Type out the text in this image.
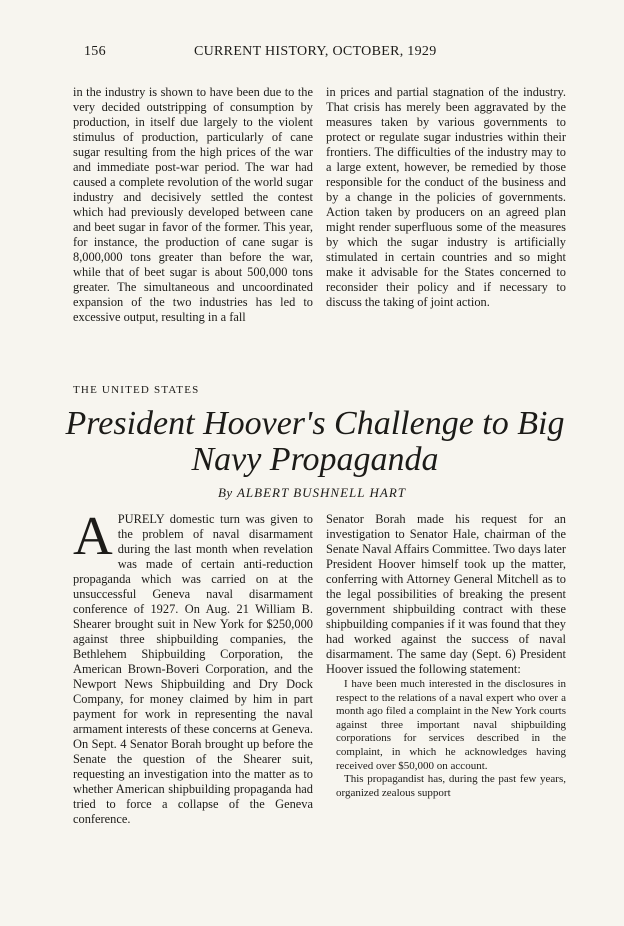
156	CURRENT HISTORY, OCTOBER, 1929

in the industry is shown to have been due to the very decided outstripping of consumption by production, in itself due largely to the violent stimulus of production, particularly of cane sugar resulting from the high prices of the war and immediate post-war period. The war had caused a complete revolution of the world sugar industry and decisively settled the contest which had previously developed between cane and beet sugar in favor of the former. This year, for instance, the production of cane sugar is 8,000,000 tons greater than before the war, while that of beet sugar is about 500,000 tons greater. The simultaneous and uncoordinated expansion of the two industries has led to excessive output, resulting in a fall

in prices and partial stagnation of the industry. That crisis has merely been aggravated by the measures taken by various governments to protect or regulate sugar industries within their frontiers. The difficulties of the industry may to a large extent, however, be remedied by those responsible for the conduct of the business and by a change in the policies of governments. Action taken by producers on an agreed plan might render superfluous some of the measures by which the sugar industry is artificially stimulated in certain countries and so might make it advisable for the States concerned to reconsider their policy and if necessary to discuss the taking of joint action.

THE UNITED STATES
President Hoover's Challenge to Big
Navy Propaganda
By ALBERT BUSHNELL HART

A PURELY domestic turn was given to the problem of naval disarmament during the last month when revelation was made of certain anti-reduction propaganda which was carried on at the unsuccessful Geneva naval disarmament conference of 1927. On Aug. 21 William B. Shearer brought suit in New York for $250,000 against three shipbuilding companies, the Bethlehem Shipbuilding Corporation, the American Brown-Boveri Corporation, and the Newport News Shipbuilding and Dry Dock Company, for money claimed by him in part payment for work in representing the naval armament interests of these concerns at Geneva. On Sept. 4 Senator Borah brought up before the Senate the question of the Shearer suit, requesting an investigation into the matter as to whether American shipbuilding propaganda had tried to force a collapse of the Geneva conference.

Senator Borah made his request for an investigation to Senator Hale, chairman of the Senate Naval Affairs Committee. Two days later President Hoover himself took up the matter, conferring with Attorney General Mitchell as to the legal possibilities of breaking the present government shipbuilding contract with these shipbuilding companies if it was found that they had worked against the success of naval disarmament. The same day (Sept. 6) President Hoover issued the following statement:

I have been much interested in the disclosures in respect to the relations of a naval expert who over a month ago filed a complaint in the New York courts against three important naval shipbuilding corporations for services described in the complaint, in which he acknowledges having received over $50,000 on account.

This propagandist has, during the past few years, organized zealous support
